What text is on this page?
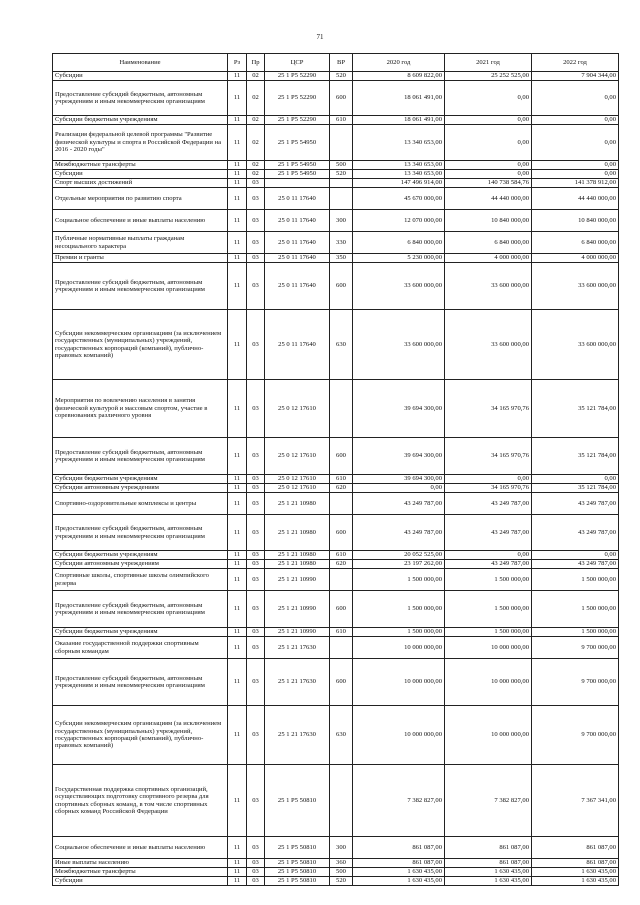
71
Наименование	Рз	Пр	ЦСР	ВР	2020 год	2021 год	2022 год
Субсидии	11	02	25 1 P5 52290	520	8 609 822,00	25 252 525,00	7 904 344,00
Предоставление субсидий бюджетным, автономным учреждениям и иным некоммерческим организациям	11	02	25 1 P5 52290	600	18 061 491,00	0,00	0,00
Субсидии бюджетным учреждениям	11	02	25 1 P5 52290	610	18 061 491,00	0,00	0,00
Реализация федеральной целевой программы "Развитие физической культуры и спорта в Российской Федерации на 2016 - 2020 годы"	11	02	25 1 P5 54950		13 340 653,00	0,00	0,00
Межбюджетные трансферты	11	02	25 1 P5 54950	500	13 340 653,00	0,00	0,00
Субсидии	11	02	25 1 P5 54950	520	13 340 653,00	0,00	0,00
Спорт высших достижений	11	03			147 496 914,00	140 738 584,76	141 378 912,00
Отдельные мероприятия по развитию спорта	11	03	25 0 11 17640		45 670 000,00	44 440 000,00	44 440 000,00
Социальное обеспечение и иные выплаты населению	11	03	25 0 11 17640	300	12 070 000,00	10 840 000,00	10 840 000,00
Публичные нормативные выплаты гражданам несоциального характера	11	03	25 0 11 17640	330	6 840 000,00	6 840 000,00	6 840 000,00
Премии и гранты	11	03	25 0 11 17640	350	5 230 000,00	4 000 000,00	4 000 000,00
Предоставление субсидий бюджетным, автономным учреждениям и иным некоммерческим организациям	11	03	25 0 11 17640	600	33 600 000,00	33 600 000,00	33 600 000,00
Субсидии некоммерческим организациям (за исключением государственных (муниципальных) учреждений, государственных корпораций (компаний), публично-правовых компаний)	11	03	25 0 11 17640	630	33 600 000,00	33 600 000,00	33 600 000,00
Мероприятия по вовлечению населения в занятия физической культурой и массовым спортом, участие в соревнованиях различного уровня	11	03	25 0 12 17610		39 694 300,00	34 165 970,76	35 121 784,00
Предоставление субсидий бюджетным, автономным учреждениям и иным некоммерческим организациям	11	03	25 0 12 17610	600	39 694 300,00	34 165 970,76	35 121 784,00
Субсидии бюджетным учреждениям	11	03	25 0 12 17610	610	39 694 300,00	0,00	0,00
Субсидии автономным учреждениям	11	03	25 0 12 17610	620	0,00	34 165 970,76	35 121 784,00
Спортивно-оздоровительные комплексы и центры	11	03	25 1 21 10980		43 249 787,00	43 249 787,00	43 249 787,00
Предоставление субсидий бюджетным, автономным учреждениям и иным некоммерческим организациям	11	03	25 1 21 10980	600	43 249 787,00	43 249 787,00	43 249 787,00
Субсидии бюджетным учреждениям	11	03	25 1 21 10980	610	20 052 525,00	0,00	0,00
Субсидии автономным учреждениям	11	03	25 1 21 10980	620	23 197 262,00	43 249 787,00	43 249 787,00
Спортивные школы, спортивные школы олимпийского резерва	11	03	25 1 21 10990		1 500 000,00	1 500 000,00	1 500 000,00
Предоставление субсидий бюджетным, автономным учреждениям и иным некоммерческим организациям	11	03	25 1 21 10990	600	1 500 000,00	1 500 000,00	1 500 000,00
Субсидии бюджетным учреждениям	11	03	25 1 21 10990	610	1 500 000,00	1 500 000,00	1 500 000,00
Оказание государственной поддержки спортивным сборным командам	11	03	25 1 21 17630		10 000 000,00	10 000 000,00	9 700 000,00
Предоставление субсидий бюджетным, автономным учреждениям и иным некоммерческим организациям	11	03	25 1 21 17630	600	10 000 000,00	10 000 000,00	9 700 000,00
Субсидии некоммерческим организациям (за исключением государственных (муниципальных) учреждений, государственных корпораций (компаний), публично-правовых компаний)	11	03	25 1 21 17630	630	10 000 000,00	10 000 000,00	9 700 000,00
Государственная поддержка спортивных организаций, осуществляющих подготовку спортивного резерва для спортивных сборных команд, в том числе спортивных сборных команд Российской Федерации	11	03	25 1 P5 50810		7 382 827,00	7 382 827,00	7 367 341,00
Социальное обеспечение и иные выплаты населению	11	03	25 1 P5 50810	300	861 087,00	861 087,00	861 087,00
Иные выплаты населению	11	03	25 1 P5 50810	360	861 087,00	861 087,00	861 087,00
Межбюджетные трансферты	11	03	25 1 P5 50810	500	1 630 435,00	1 630 435,00	1 630 435,00
Субсидии	11	03	25 1 P5 50810	520	1 630 435,00	1 630 435,00	1 630 435,00
